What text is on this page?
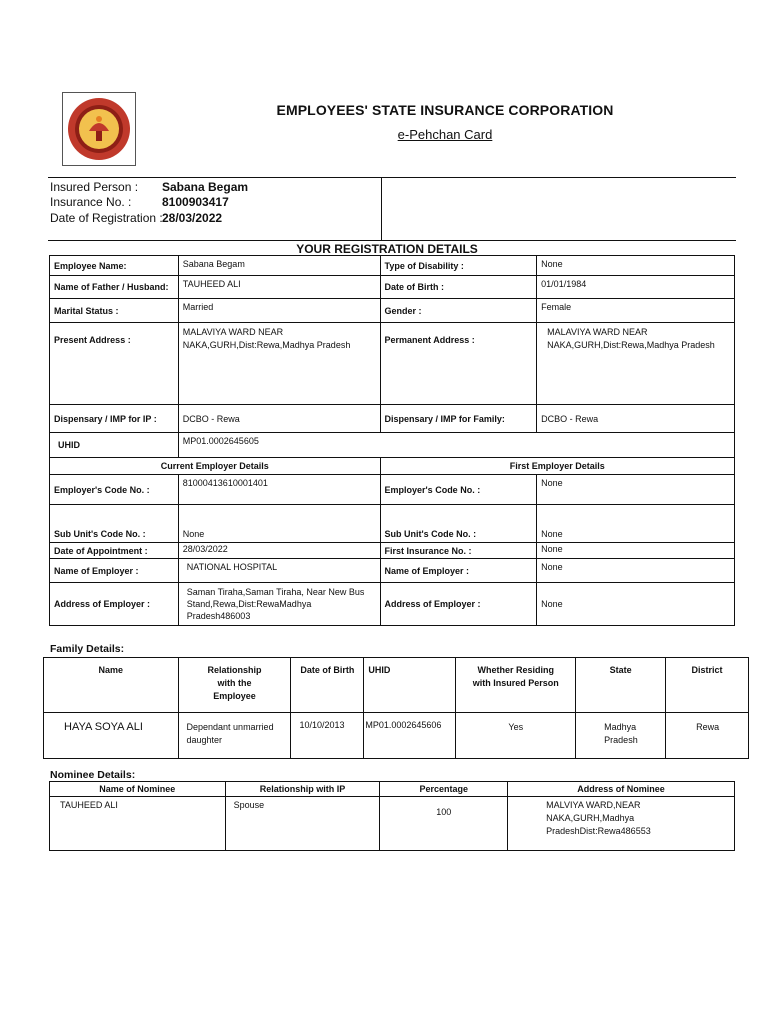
EMPLOYEES' STATE INSURANCE CORPORATION
e-Pehchan Card
Insured Person : Sabana Begam
Insurance No. :	8100903417
Date of Registration : 28/03/2022
YOUR REGISTRATION DETAILS
Employee Name:	Sabana Begam	Type of Disability :	None
Name of Father / Husband:	TAUHEED ALI	Date of Birth :	01/01/1984
Marital Status :	Married	Gender :	Female
Present Address :	MALAVIYA WARD NEAR NAKA,GURH,Dist:Rewa,Madhya Pradesh	Permanent Address :	MALAVIYA WARD NEAR NAKA,GURH,Dist:Rewa,Madhya Pradesh
Dispensary / IMP for IP :	DCBO - Rewa	Dispensary / IMP for Family:	DCBO - Rewa
UHID	MP01.0002645605		
Current Employer Details		First Employer Details	
Employer's Code No. :	81000413610001401	Employer's Code No. :	None
Sub Unit's Code No. :	None	Sub Unit's Code No. :	None
Date of Appointment :	28/03/2022	First Insurance No. :	None
Name of Employer :	NATIONAL HOSPITAL	Name of Employer :	None
Address of Employer :	Saman Tiraha,Saman Tiraha, Near New Bus Stand,Rewa,Dist:RewaMadhya Pradesh486003	Address of Employer :	None
Family Details:
Name	Relationship with the Employee	Date of Birth	UHID	Whether Residing with Insured Person	State	District
HAYA SOYA ALI	Dependant unmarried daughter	10/10/2013	MP01.0002645606	Yes	Madhya Pradesh	Rewa
Nominee Details:
Name of Nominee	Relationship with IP	Percentage	Address of Nominee
TAUHEED ALI	Spouse	100	MALVIYA WARD,NEAR NAKA,GURH,Madhya PradeshDist:Rewa486553
